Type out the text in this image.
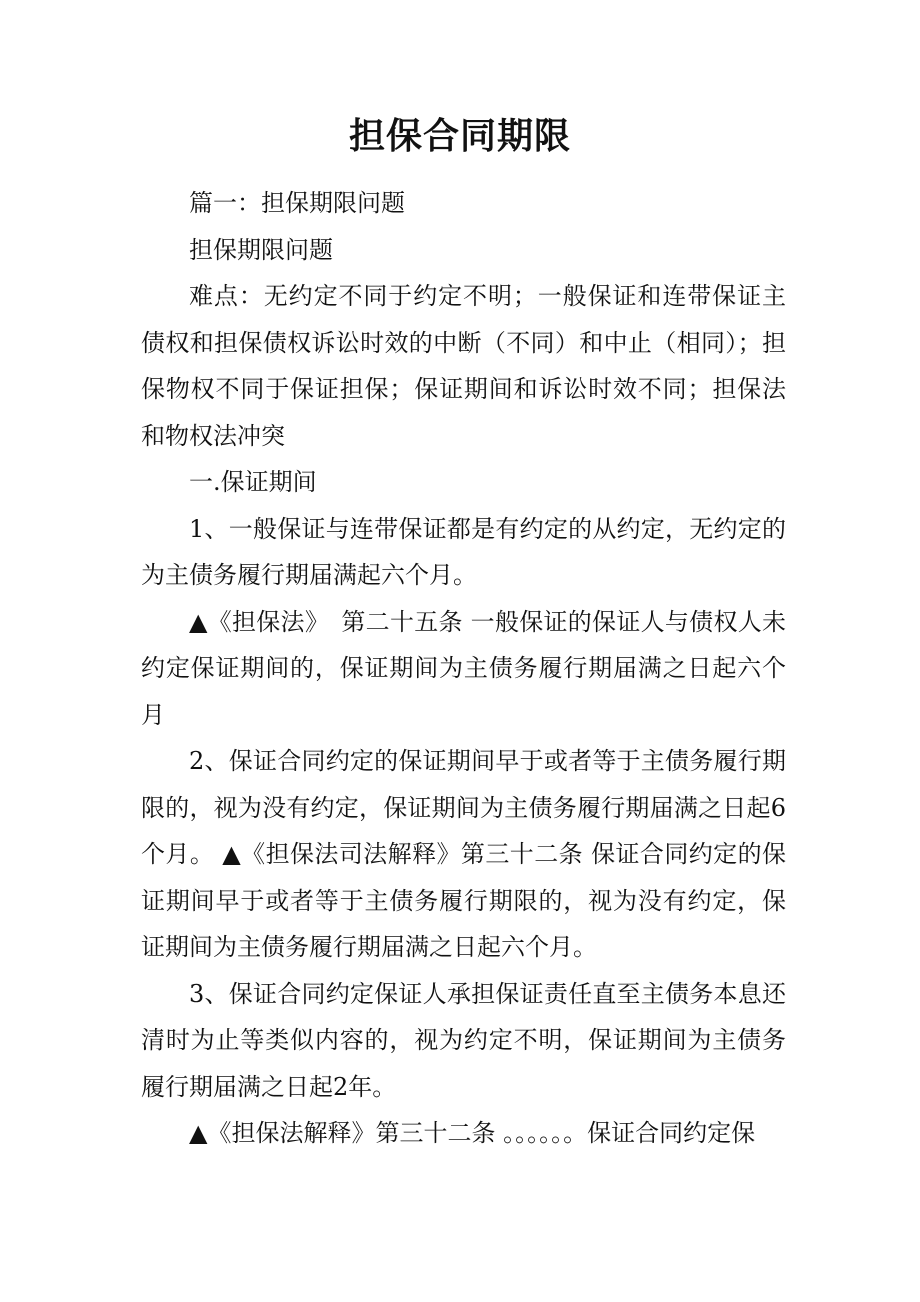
担保合同期限

篇一：担保期限问题

担保期限问题

难点：无约定不同于约定不明；一般保证和连带保证主债权和担保债权诉讼时效的中断（不同）和中止（相同）；担保物权不同于保证担保；保证期间和诉讼时效不同；担保法和物权法冲突

一.保证期间

1、一般保证与连带保证都是有约定的从约定，无约定的为主债务履行期届满起六个月。

▲《担保法》　第二十五条 一般保证的保证人与债权人未约定保证期间的，保证期间为主债务履行期届满之日起六个月

2、保证合同约定的保证期间早于或者等于主债务履行期限的，视为没有约定，保证期间为主债务履行期届满之日起6个月。 ▲《担保法司法解释》第三十二条 保证合同约定的保证期间早于或者等于主债务履行期限的，视为没有约定，保证期间为主债务履行期届满之日起六个月。

3、保证合同约定保证人承担保证责任直至主债务本息还清时为止等类似内容的，视为约定不明，保证期间为主债务履行期届满之日起2年。

▲《担保法解释》第三十二条 。。。。。。保证合同约定保
